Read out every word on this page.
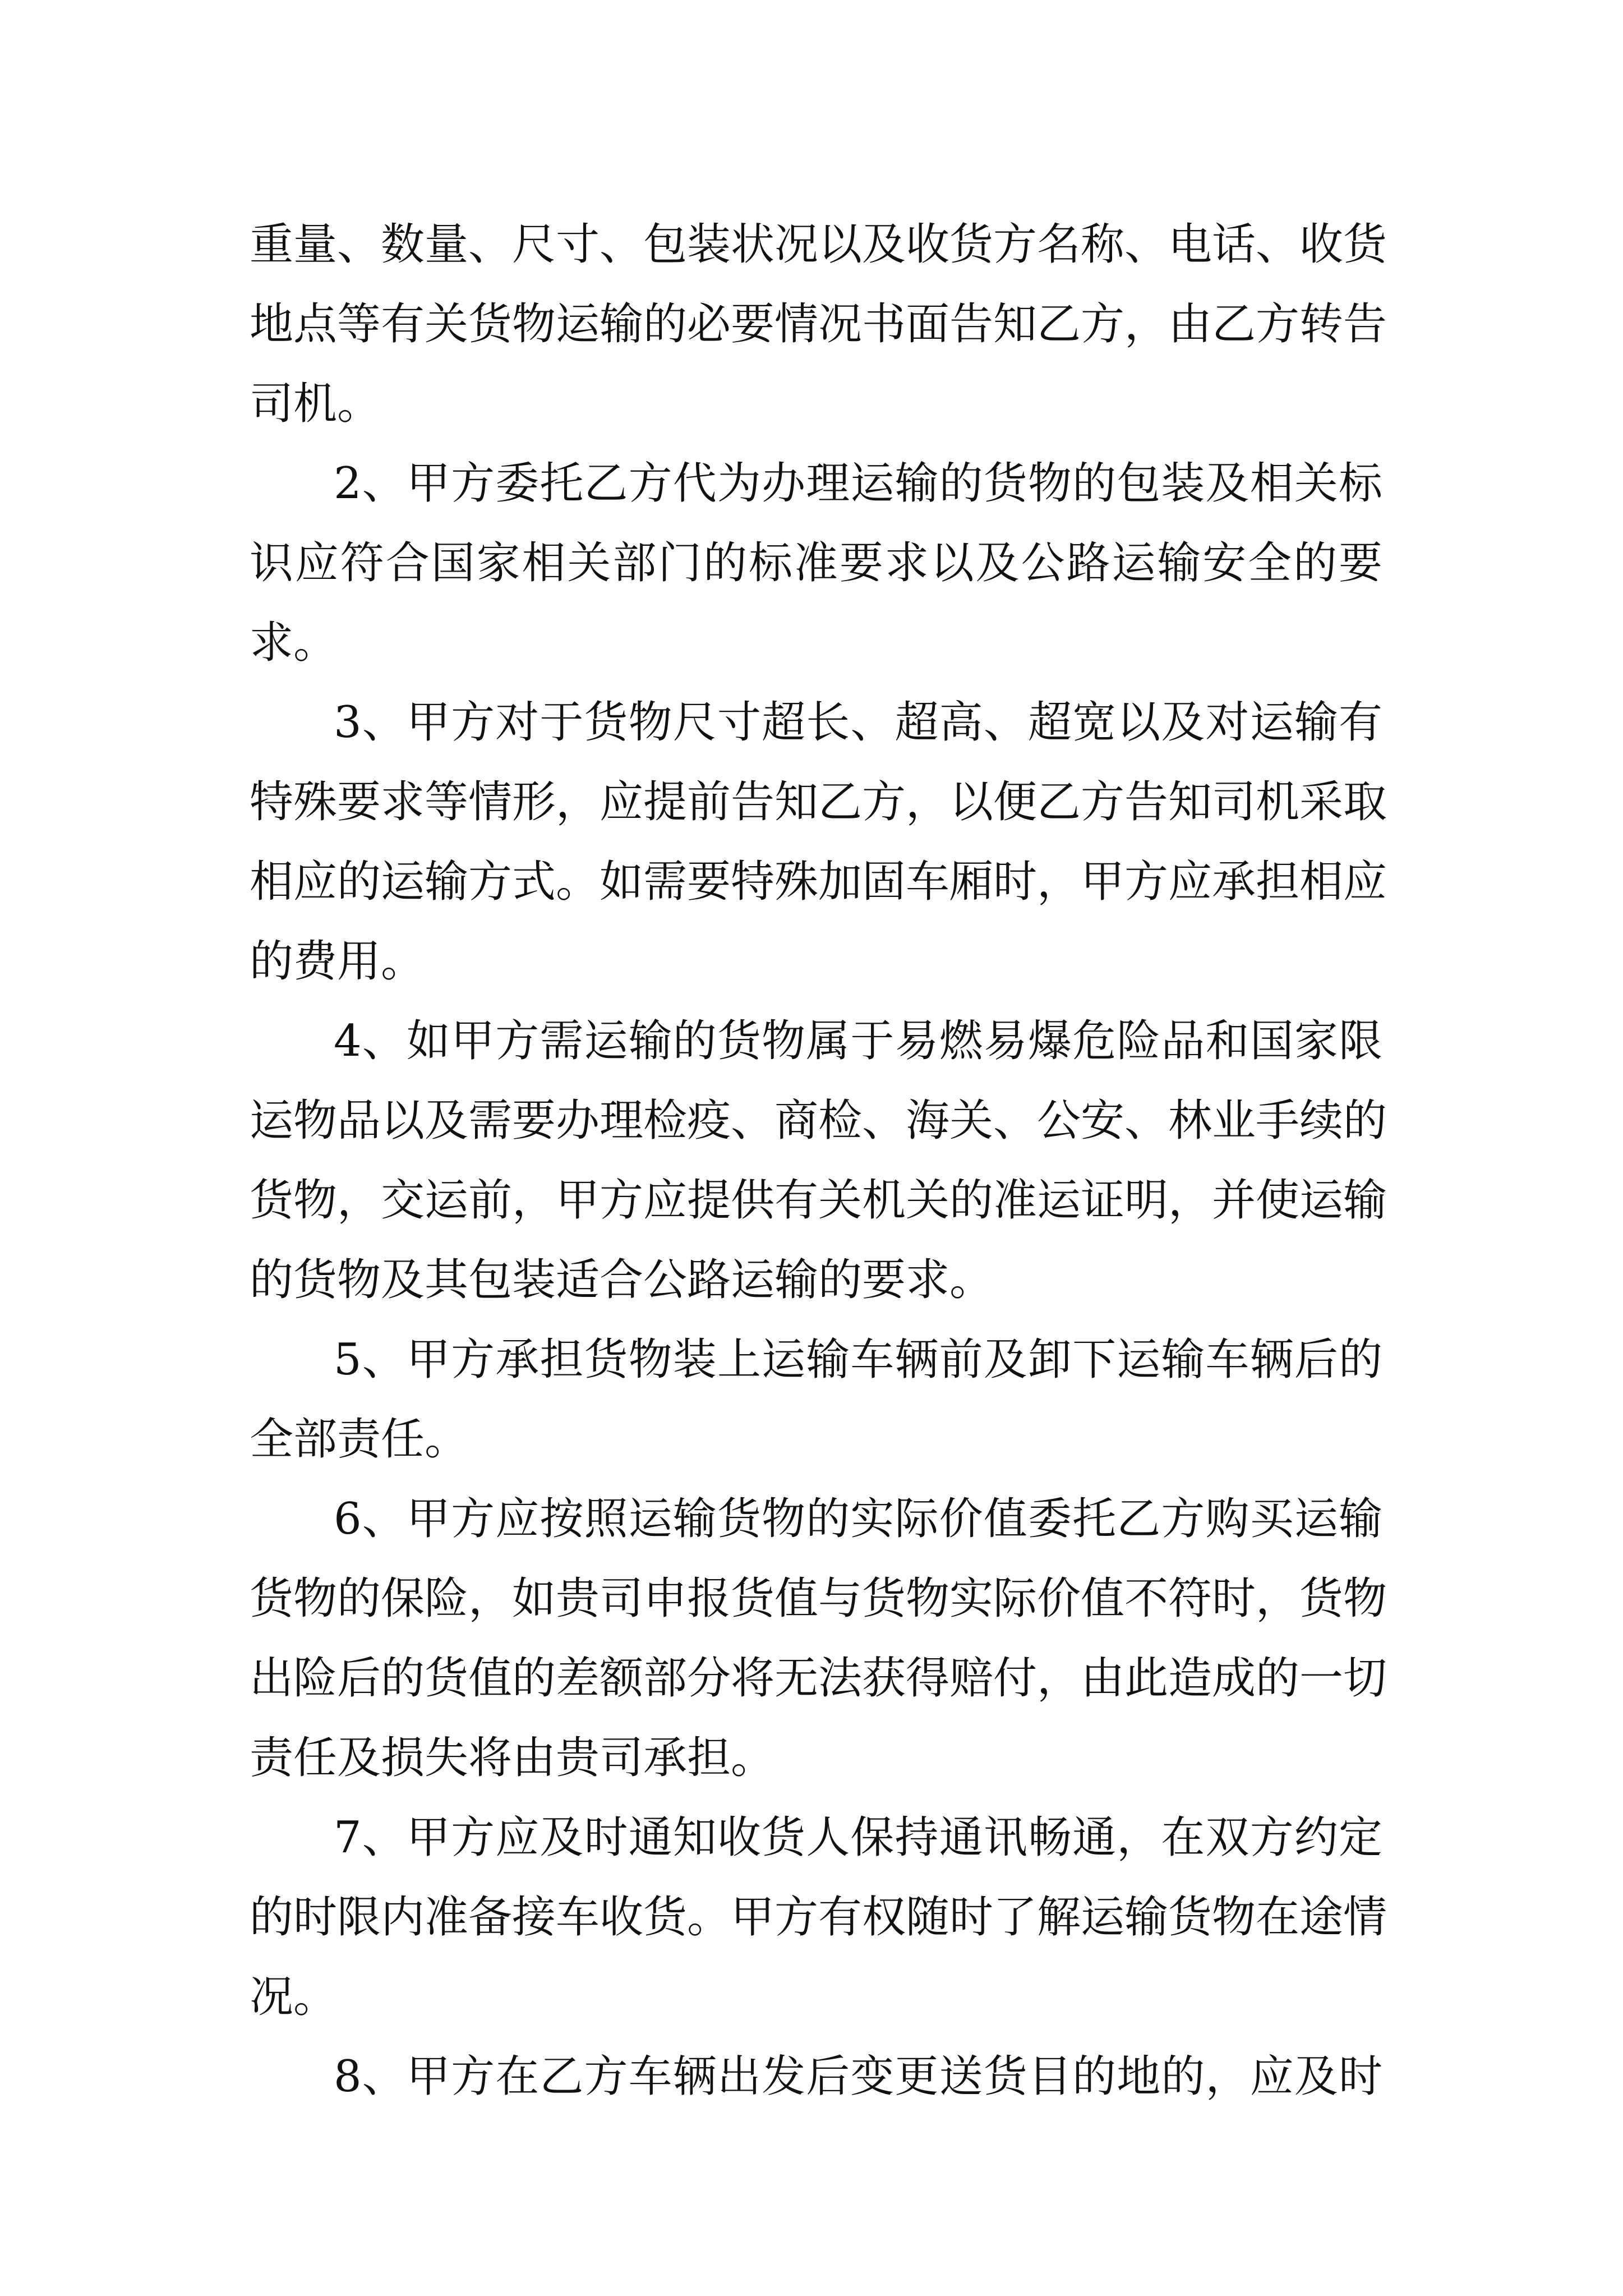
重量、数量、尺寸、包装状况以及收货方名称、电话、收货
地点等有关货物运输的必要情况书面告知乙方，由乙方转告
司机。
2、甲方委托乙方代为办理运输的货物的包装及相关标
识应符合国家相关部门的标准要求以及公路运输安全的要
求。
3、甲方对于货物尺寸超长、超高、超宽以及对运输有
特殊要求等情形，应提前告知乙方，以便乙方告知司机采取
相应的运输方式。如需要特殊加固车厢时，甲方应承担相应
的费用。
4、如甲方需运输的货物属于易燃易爆危险品和国家限
运物品以及需要办理检疫、商检、海关、公安、林业手续的
货物，交运前，甲方应提供有关机关的准运证明，并使运输
的货物及其包装适合公路运输的要求。
5、甲方承担货物装上运输车辆前及卸下运输车辆后的
全部责任。
6、甲方应按照运输货物的实际价值委托乙方购买运输
货物的保险，如贵司申报货值与货物实际价值不符时，货物
出险后的货值的差额部分将无法获得赔付，由此造成的一切
责任及损失将由贵司承担。
7、甲方应及时通知收货人保持通讯畅通，在双方约定
的时限内准备接车收货。甲方有权随时了解运输货物在途情
况。
8、甲方在乙方车辆出发后变更送货目的地的，应及时
